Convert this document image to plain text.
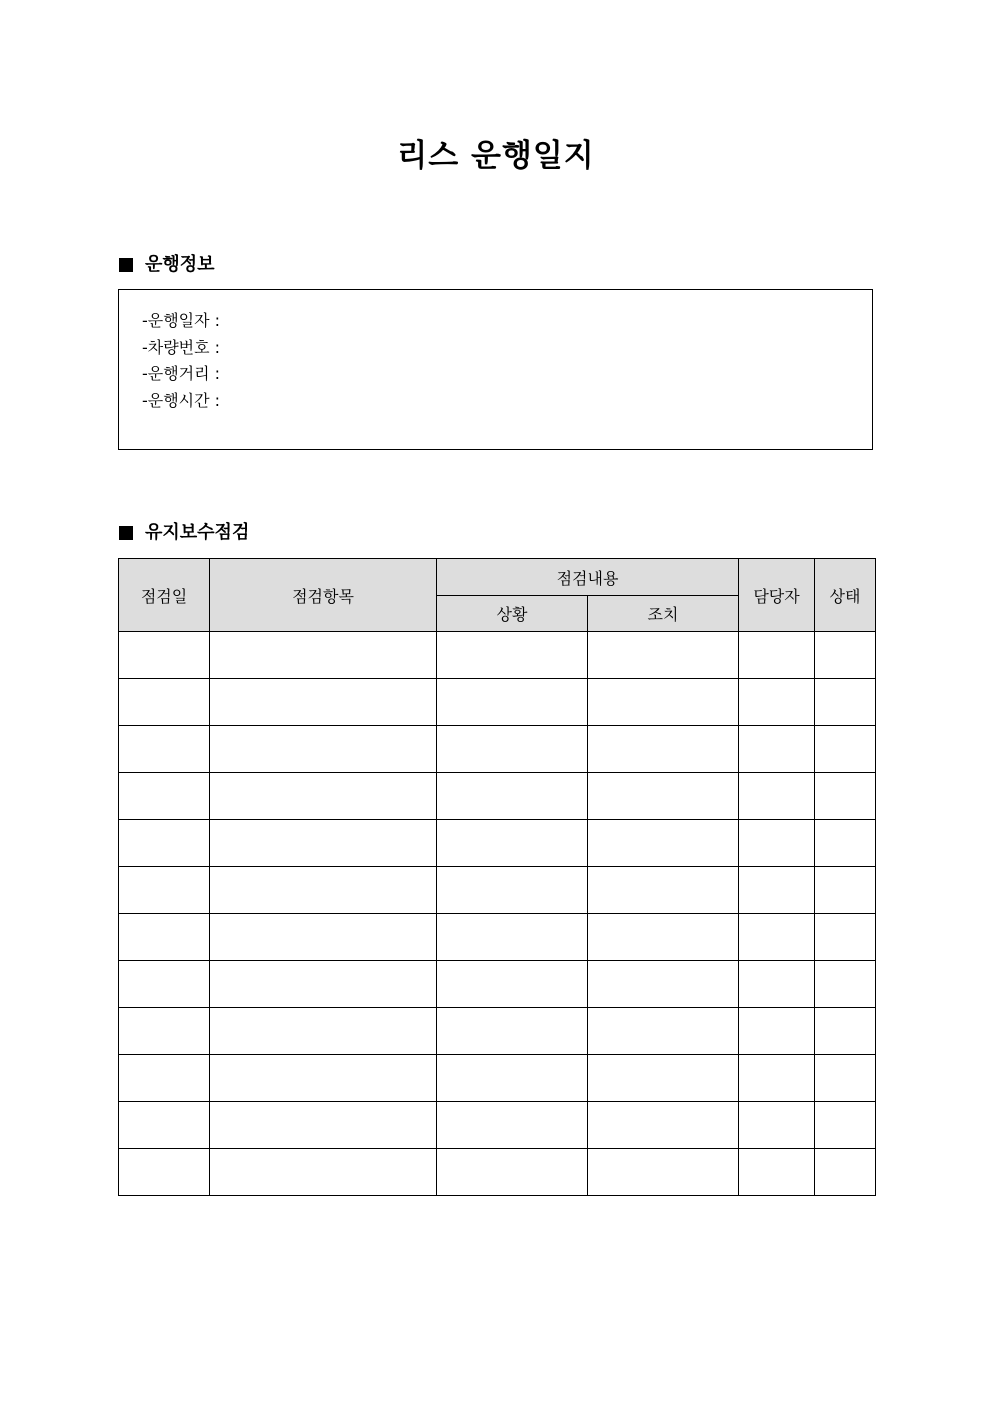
리스 운행일지
운행정보
-운행일자 :
-차량번호 :
-운행거리 :
-운행시간 :
유지보수점검
점검일	점검항목	점검내용		담당자	상태
		상황	조치		
